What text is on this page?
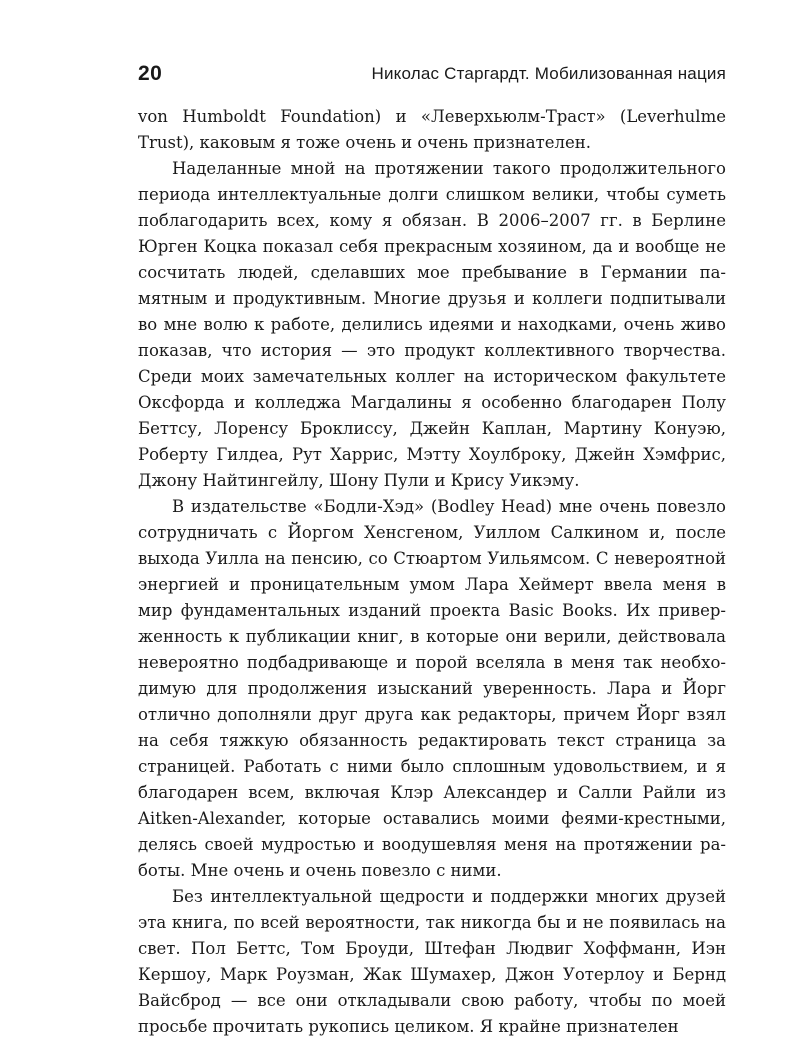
20	Николас Старгардт. Мобилизованная нация

von Humboldt Foundation) и «Леверхьюлм-Траст» (Leverhulme Trust), каковым я тоже очень и очень признателен.

Наделанные мной на протяжении такого продолжительного периода интеллектуальные долги слишком велики, чтобы суметь поблагодарить всех, кому я обязан. В 2006–2007 гг. в Берлине Юрген Коцка показал себя прекрасным хозяином, да и вообще не сосчитать людей, сделавших мое пребывание в Германии памятным и продуктивным. Многие друзья и коллеги подпитывали во мне волю к работе, делились идеями и находками, очень живо показав, что история — это продукт коллективного творчества. Среди моих замечательных коллег на историческом факультете Оксфорда и колледжа Магдалины я особенно благодарен Полу Беттсу, Лоренсу Броклиссу, Джейн Каплан, Мартину Конуэю, Роберту Гилдеа, Рут Харрис, Мэтту Хоулброку, Джейн Хэмфрис, Джону Найтингейлу, Шону Пули и Крису Уикэму.

В издательстве «Бодли-Хэд» (Bodley Head) мне очень повезло сотрудничать с Йоргом Хенсгеном, Уиллом Салкином и, после выхода Уилла на пенсию, со Стюартом Уильямсом. С невероятной энергией и проницательным умом Лара Хеймерт ввела меня в мир фундаментальных изданий проекта Basic Books. Их приверженность к публикации книг, в которые они верили, действовала невероятно подбадривающе и порой вселяла в меня так необходимую для продолжения изысканий уверенность. Лара и Йорг отлично дополняли друг друга как редакторы, причем Йорг взял на себя тяжкую обязанность редактировать текст страница за страницей. Работать с ними было сплошным удовольствием, и я благодарен всем, включая Клэр Александер и Салли Райли из Aitken-Alexander, которые оставались моими феями-крестными, делясь своей мудростью и воодушевляя меня на протяжении работы. Мне очень и очень повезло с ними.

Без интеллектуальной щедрости и поддержки многих друзей эта книга, по всей вероятности, так никогда бы и не появилась на свет. Пол Беттс, Том Броуди, Штефан Людвиг Хоффманн, Иэн Кершоу, Марк Роузман, Жак Шумахер, Джон Уотерлоу и Бернд Вайсброд — все они откладывали свою работу, чтобы по моей просьбе прочитать рукопись целиком. Я крайне признателен
